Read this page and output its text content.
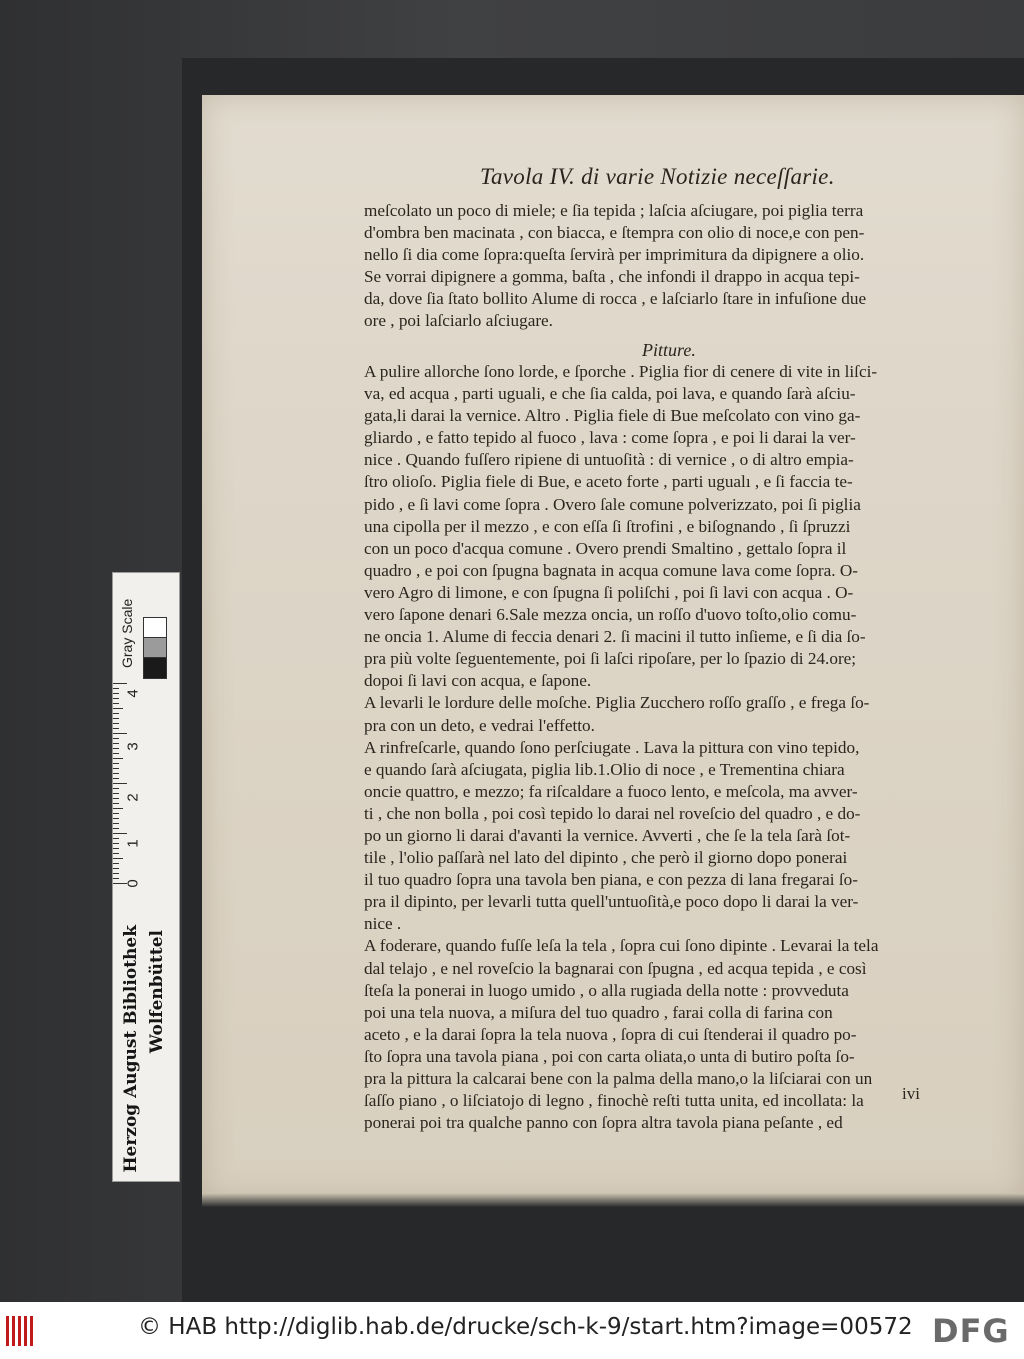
Tavola IV. di varie Notizie neceſſarie.
meſcolato un poco di miele; e ſia tepida ; laſcia aſciugare, poi piglia terra
d'ombra ben macinata , con biacca, e ſtempra con olio di noce,e con pen-
nello ſi dia come ſopra:queſta ſervirà per imprimitura da dipignere a olio.
Se vorrai dipignere a gomma, baſta , che infondi il drappo in acqua tepi-
da, dove ſia ſtato bollito Alume di rocca , e laſciarlo ſtare in infuſione due
ore , poi laſciarlo aſciugare.
Pitture.
A pulire allorche ſono lorde, e ſporche . Piglia fior di cenere di vite in liſci-
va, ed acqua , parti uguali, e che ſia calda, poi lava, e quando ſarà aſciu-
gata,li darai la vernice. Altro . Piglia fiele di Bue meſcolato con vino ga-
gliardo , e fatto tepido al fuoco , lava : come ſopra , e poi li darai la ver-
nice . Quando fuſſero ripiene di untuoſità : di vernice , o di altro empia-
ſtro olioſo. Piglia fiele di Bue, e aceto forte , parti ugualı , e ſi faccia te-
pido , e ſi lavi come ſopra . Overo ſale comune polverizzato, poi ſi piglia
una cipolla per il mezzo , e con eſſa ſi ſtrofini , e biſognando , ſi ſpruzzi
con un poco d'acqua comune . Overo prendi Smaltino , gettalo ſopra il
quadro , e poi con ſpugna bagnata in acqua comune lava come ſopra. O-
vero Agro di limone, e con ſpugna ſi poliſchi , poi ſi lavi con acqua . O-
vero ſapone denari 6.Sale mezza oncia, un roſſo d'uovo toſto,olio comu-
ne oncia 1. Alume di feccia denari 2. ſi macini il tutto inſieme, e ſi dia ſo-
pra più volte ſeguentemente, poi ſi laſci ripoſare, per lo ſpazio di 24.ore;
dopoi ſi lavi con acqua, e ſapone.
A levarli le lordure delle moſche. Piglia Zucchero roſſo graſſo , e frega ſo-
pra con un deto, e vedrai l'effetto.
A rinfreſcarle, quando ſono perſciugate . Lava la pittura con vino tepido,
e quando ſarà aſciugata, piglia lib.1.Olio di noce , e Trementina chiara
oncie quattro, e mezzo; fa riſcaldare a fuoco lento, e meſcola, ma avver-
ti , che non bolla , poi così tepido lo darai nel roveſcio del quadro , e do-
po un giorno li darai d'avanti la vernice. Avverti , che ſe la tela ſarà ſot-
tile , l'olio paſſarà nel lato del dipinto , che però il giorno dopo ponerai
il tuo quadro ſopra una tavola ben piana, e con pezza di lana fregarai ſo-
pra il dipinto, per levarli tutta quell'untuoſità,e poco dopo li darai la ver-
nice .
A foderare, quando fuſſe leſa la tela , ſopra cui ſono dipinte . Levarai la tela
dal telajo , e nel roveſcio la bagnarai con ſpugna , ed acqua tepida , e così
ſteſa la ponerai in luogo umido , o alla rugiada della notte : provveduta
poi una tela nuova, a miſura del tuo quadro , farai colla di farina con
aceto , e la darai ſopra la tela nuova , ſopra di cui ſtenderai il quadro po-
ſto ſopra una tavola piana , poi con carta oliata,o unta di butiro poſta ſo-
pra la pittura la calcarai bene con la palma della mano,o la liſciarai con un
ſaſſo piano , o liſciatojo di legno , finochè reſti tutta unita, ed incollata: la
ponerai poi tra qualche panno con ſopra altra tavola piana peſante , ed
ivi
Gray Scale
4
3
2
1
0
Herzog August Bibliothek Wolfenbüttel
© HAB http://diglib.hab.de/drucke/sch-k-9/start.htm?image=00572 DFG
